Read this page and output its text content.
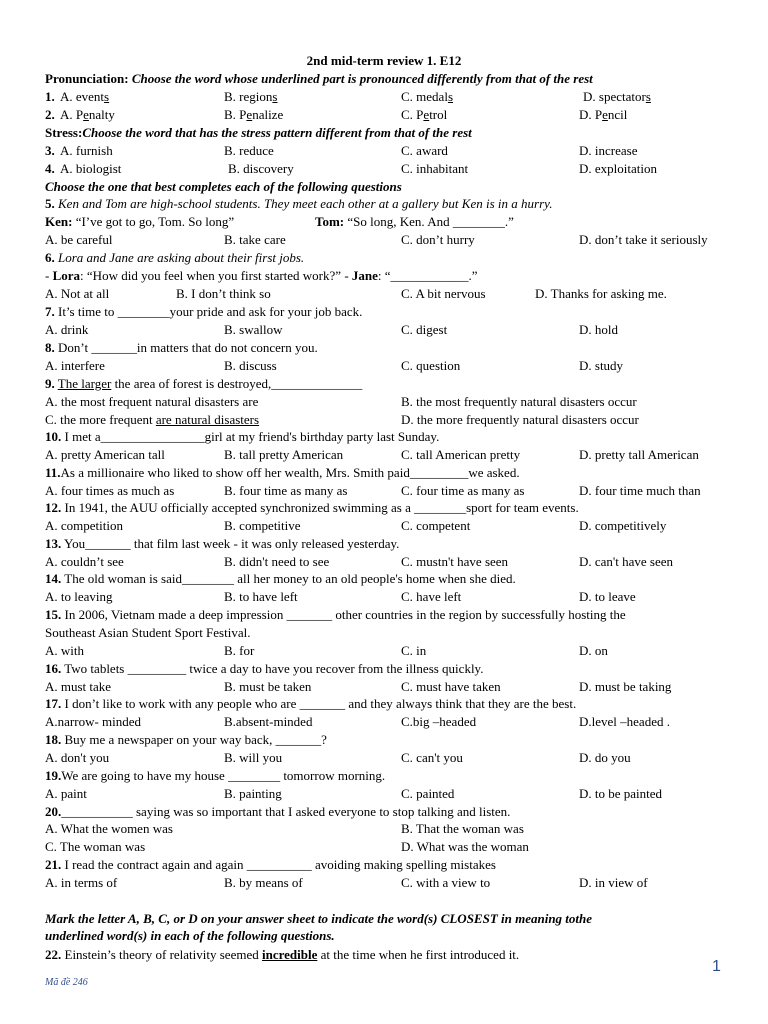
2nd mid-term review 1. E12
Pronunciation: Choose the word whose underlined part is pronounced differently from that of the rest
1. A. events	B. regions	C. medals	D. spectators
2. A. Penalty	B. Penalize	C. Petrol	D. Pencil
Stress:Choose the word that has the stress pattern different from that of the rest
3. A. furnish	B. reduce	C. award	D. increase
4. A. biologist	B. discovery	C. inhabitant	D. exploitation
Choose the one that best completes each of the following questions
5. Ken and Tom are high-school students. They meet each other at a gallery but Ken is in a hurry.
Ken: “I’ve got to go, Tom. So long”	Tom: “So long, Ken. And ________.”
A. be careful	B. take care	C. don’t hurry	D. don’t take it seriously
6. Lora and Jane are asking about their first jobs.
- Lora: “How did you feel when you first started work?” - Jane: “____________.”
A. Not at all	B. I don’t think so	C. A bit nervous	D. Thanks for asking me.
7. It’s time to ________your pride and ask for your job back.
A. drink	B. swallow	C. digest	D. hold
8. Don’t _______in matters that do not concern you.
A. interfere	B. discuss	C. question	D. study
9. The larger the area of forest is destroyed,______________
A. the most frequent natural disasters are	B. the most frequently natural disasters occur
C. the more frequent are natural disasters	D. the more frequently natural disasters occur
10. I met a________________girl at my friend's birthday party last Sunday.
A. pretty American tall	B. tall pretty American	C. tall American pretty	D. pretty tall American
11.As a millionaire who liked to show off her wealth, Mrs. Smith paid_________we asked.
A. four times as much as	B. four time as many as	C. four time as many as	D. four time much than
12. In 1941, the AUU officially accepted synchronized swimming as a ________sport for team events.
A. competition	B. competitive	C. competent	D. competitively
13. You_______ that film last week - it was only released yesterday.
A. couldn’t see	B. didn't need to see	C. mustn't have seen	D. can't have seen
14. The old woman is said________ all her money to an old people's home when she died.
A. to leaving	B. to have left	C. have left	D. to leave
15. In 2006, Vietnam made a deep impression _______ other countries in the region by successfully hosting the
Southeast Asian Student Sport Festival.
A. with	B. for	C. in	D. on
16. Two tablets _________ twice a day to have you recover from the illness quickly.
A. must take	B. must be taken	C. must have taken	D. must be taking
17. I don’t like to work with any people who are _______ and they always think that they are the best.
A.narrow- minded	B.absent-minded	C.big –headed	D.level –headed .
18. Buy me a newspaper on your way back, _______?
A. don't you	B. will you	C. can't you	D. do you
19.We are going to have my house ________ tomorrow morning.
A. paint	B. painting	C. painted	D. to be painted
20.___________ saying was so important that I asked everyone to stop talking and listen.
A. What the women was	B. That the woman was
C. The woman was	D. What was the woman
21. I read the contract again and again __________ avoiding making spelling mistakes
A. in terms of	B. by means of	C. with a view to	D. in view of
Mark the letter A, B, C, or D on your answer sheet to indicate the word(s) CLOSEST in meaning tothe
underlined word(s) in each of the following questions.
22. Einstein’s theory of relativity seemed incredible at the time when he first introduced it.
1
Mã đề 246
